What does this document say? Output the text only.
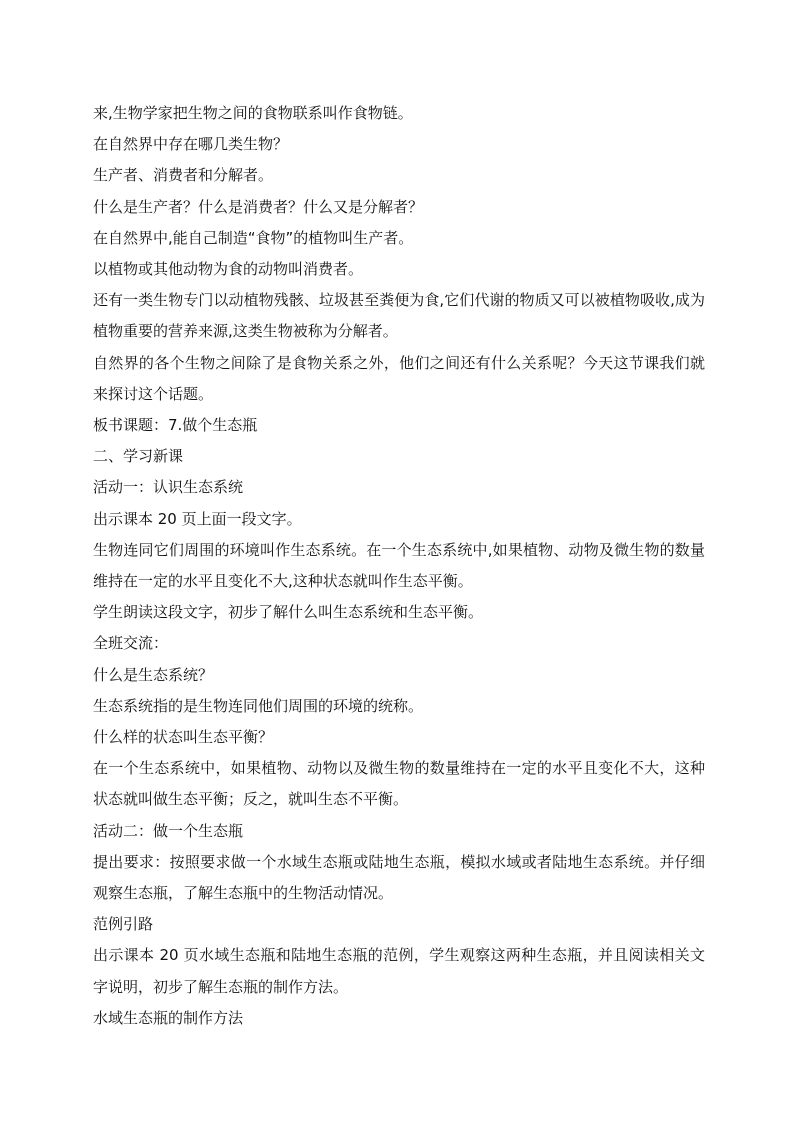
来,生物学家把生物之间的食物联系叫作食物链。

在自然界中存在哪几类生物？

生产者、消费者和分解者。

什么是生产者？什么是消费者？什么又是分解者？

在自然界中,能自己制造“食物”的植物叫生产者。

以植物或其他动物为食的动物叫消费者。

还有一类生物专门以动植物残骸、垃圾甚至粪便为食,它们代谢的物质又可以被植物吸收,成为植物重要的营养来源,这类生物被称为分解者。

自然界的各个生物之间除了是食物关系之外，他们之间还有什么关系呢？今天这节课我们就来探讨这个话题。

板书课题：7.做个生态瓶

二、学习新课

活动一：认识生态系统

出示课本 20 页上面一段文字。

生物连同它们周围的环境叫作生态系统。在一个生态系统中,如果植物、动物及微生物的数量维持在一定的水平且变化不大,这种状态就叫作生态平衡。

学生朗读这段文字，初步了解什么叫生态系统和生态平衡。

全班交流：

什么是生态系统？

生态系统指的是生物连同他们周围的环境的统称。

什么样的状态叫生态平衡？

在一个生态系统中，如果植物、动物以及微生物的数量维持在一定的水平且变化不大，这种状态就叫做生态平衡；反之，就叫生态不平衡。

活动二：做一个生态瓶

提出要求：按照要求做一个水域生态瓶或陆地生态瓶，模拟水域或者陆地生态系统。并仔细观察生态瓶，了解生态瓶中的生物活动情况。

范例引路

出示课本 20 页水域生态瓶和陆地生态瓶的范例，学生观察这两种生态瓶，并且阅读相关文字说明，初步了解生态瓶的制作方法。

水域生态瓶的制作方法
